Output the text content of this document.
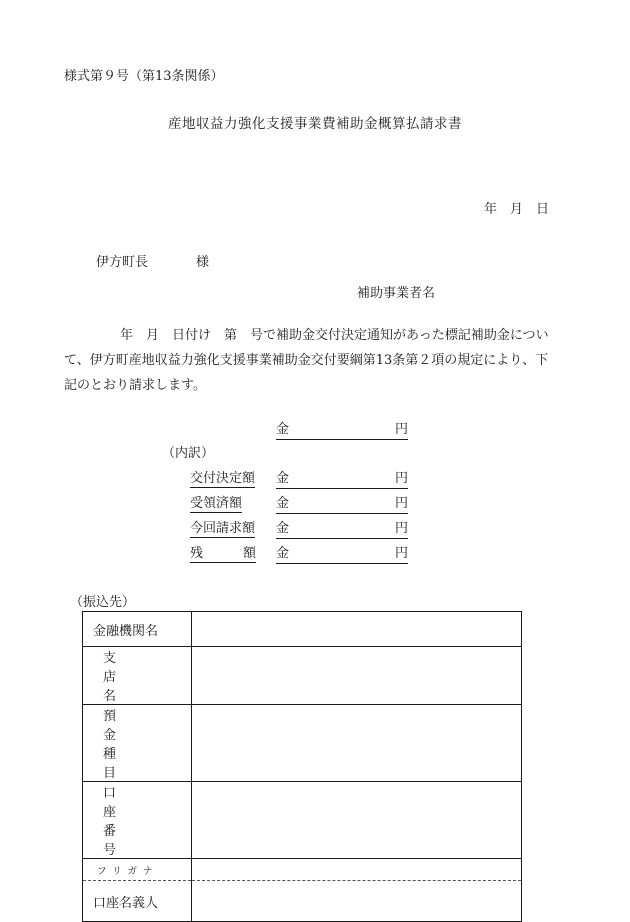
様式第９号（第13条関係）
産地収益力強化支援事業費補助金概算払請求書
年　月　日
伊方町長	様
補助事業者名
年　月　日付け　第　号で補助金交付決定通知があった標記補助金につい
て、伊方町産地収益力強化支援事業補助金交付要綱第13条第２項の規定により、下
記のとおり請求します。
金	円
（内訳）
交付決定額 金	円
受領済額	金	円
今回請求額 金	円
残	額 金	円
（振込先）
金融機関名	

支
店
名	

預
金
種
目	

口
座
番
号	

フリガナ	

口座名義人	
